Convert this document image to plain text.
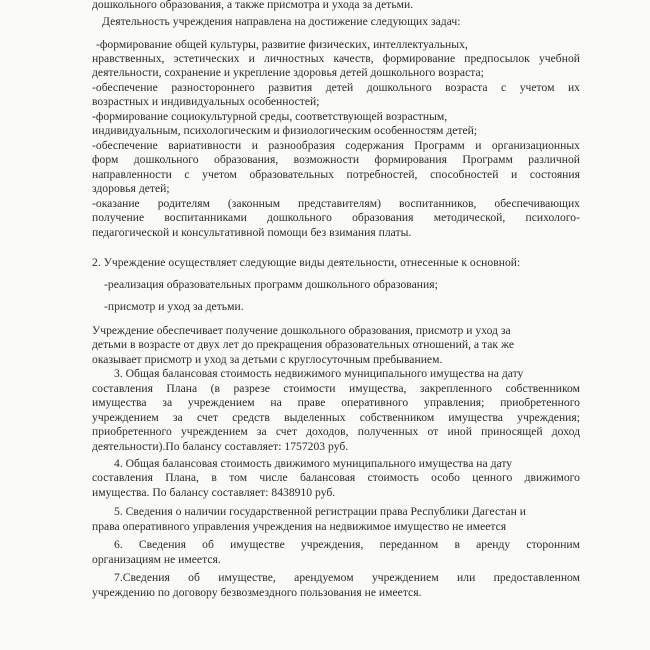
дошкольного образования, а также присмотра и ухода за детьми.
Деятельность учреждения направлена на достижение следующих задач:
-формирование общей культуры, развитие физических, интеллектуальных,
нравственных, эстетических и личностных качеств, формирование предпосылок учебной
деятельности, сохранение и укрепление здоровья детей дошкольного возраста;
-обеспечение разностороннего развития детей дошкольного возраста с учетом их
возрастных и индивидуальных особенностей;
-формирование социокультурной среды, соответствующей возрастным,
индивидуальным, психологическим и физиологическим особенностям детей;
-обеспечение вариативности и разнообразия содержания Программ и организационных
форм дошкольного образования, возможности формирования Программ различной
направленности с учетом образовательных потребностей, способностей и состояния
здоровья детей;
-оказание родителям (законным представителям) воспитанников, обеспечивающих
получение воспитанниками дошкольного образования методической, психолого-
педагогической и консультативной помощи без взимания платы.
2. Учреждение осуществляет следующие виды деятельности, отнесенные к основной:
-реализация образовательных программ дошкольного образования;
-присмотр и уход за детьми.
Учреждение обеспечивает получение дошкольного образования, присмотр и уход за
детьми в возрасте от двух лет до прекращения образовательных отношений, а так же
оказывает присмотр и уход за детьми с круглосуточным пребыванием.
3. Общая балансовая стоимость недвижимого муниципального имущества на дату
составления Плана (в разрезе стоимости имущества, закрепленного собственником
имущества за учреждением на праве оперативного управления; приобретенного
учреждением за счет средств выделенных собственником имущества учреждения;
приобретенного учреждением за счет доходов, полученных от иной приносящей доход
деятельности).По балансу составляет: 1757203 руб.
4. Общая балансовая стоимость движимого муниципального имущества на дату
составления Плана, в том числе балансовая стоимость особо ценного движимого
имущества. По балансу составляет: 8438910 руб.
5. Сведения о наличии государственной регистрации права Республики Дагестан и
права оперативного управления учреждения на недвижимое имущество не имеется
6. Сведения об имуществе учреждения, переданном в аренду сторонним
организациям не имеется.
7.Сведения об имуществе, арендуемом учреждением или предоставленном
учреждению по договору безвозмездного пользования не имеется.
